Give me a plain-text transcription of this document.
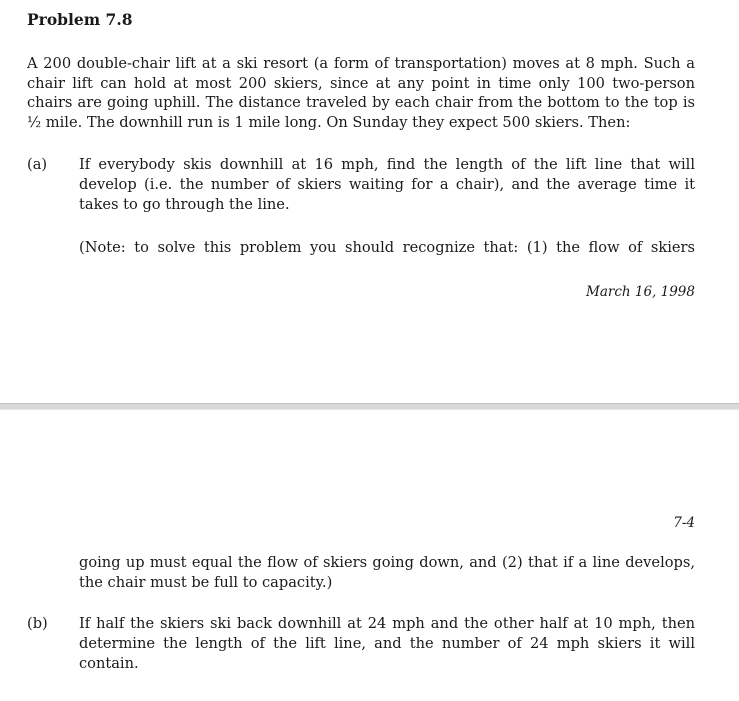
Problem 7.8
A 200 double-chair lift at a ski resort (a form of transportation) moves at 8 mph. Such a chair lift can hold at most 200 skiers, since at any point in time only 100 two-person chairs are going uphill. The distance traveled by each chair from the bottom to the top is ½ mile. The downhill run is 1 mile long. On Sunday they expect 500 skiers. Then:
(a) If everybody skis downhill at 16 mph, find the length of the lift line that will develop (i.e. the number of skiers waiting for a chair), and the average time it takes to go through the line.
(Note: to solve this problem you should recognize that: (1) the flow of skiers
March 16, 1998
7-4
going up must equal the flow of skiers going down, and (2) that if a line develops, the chair must be full to capacity.)
(b) If half the skiers ski back downhill at 24 mph and the other half at 10 mph, then determine the length of the lift line, and the number of 24 mph skiers it will contain.
